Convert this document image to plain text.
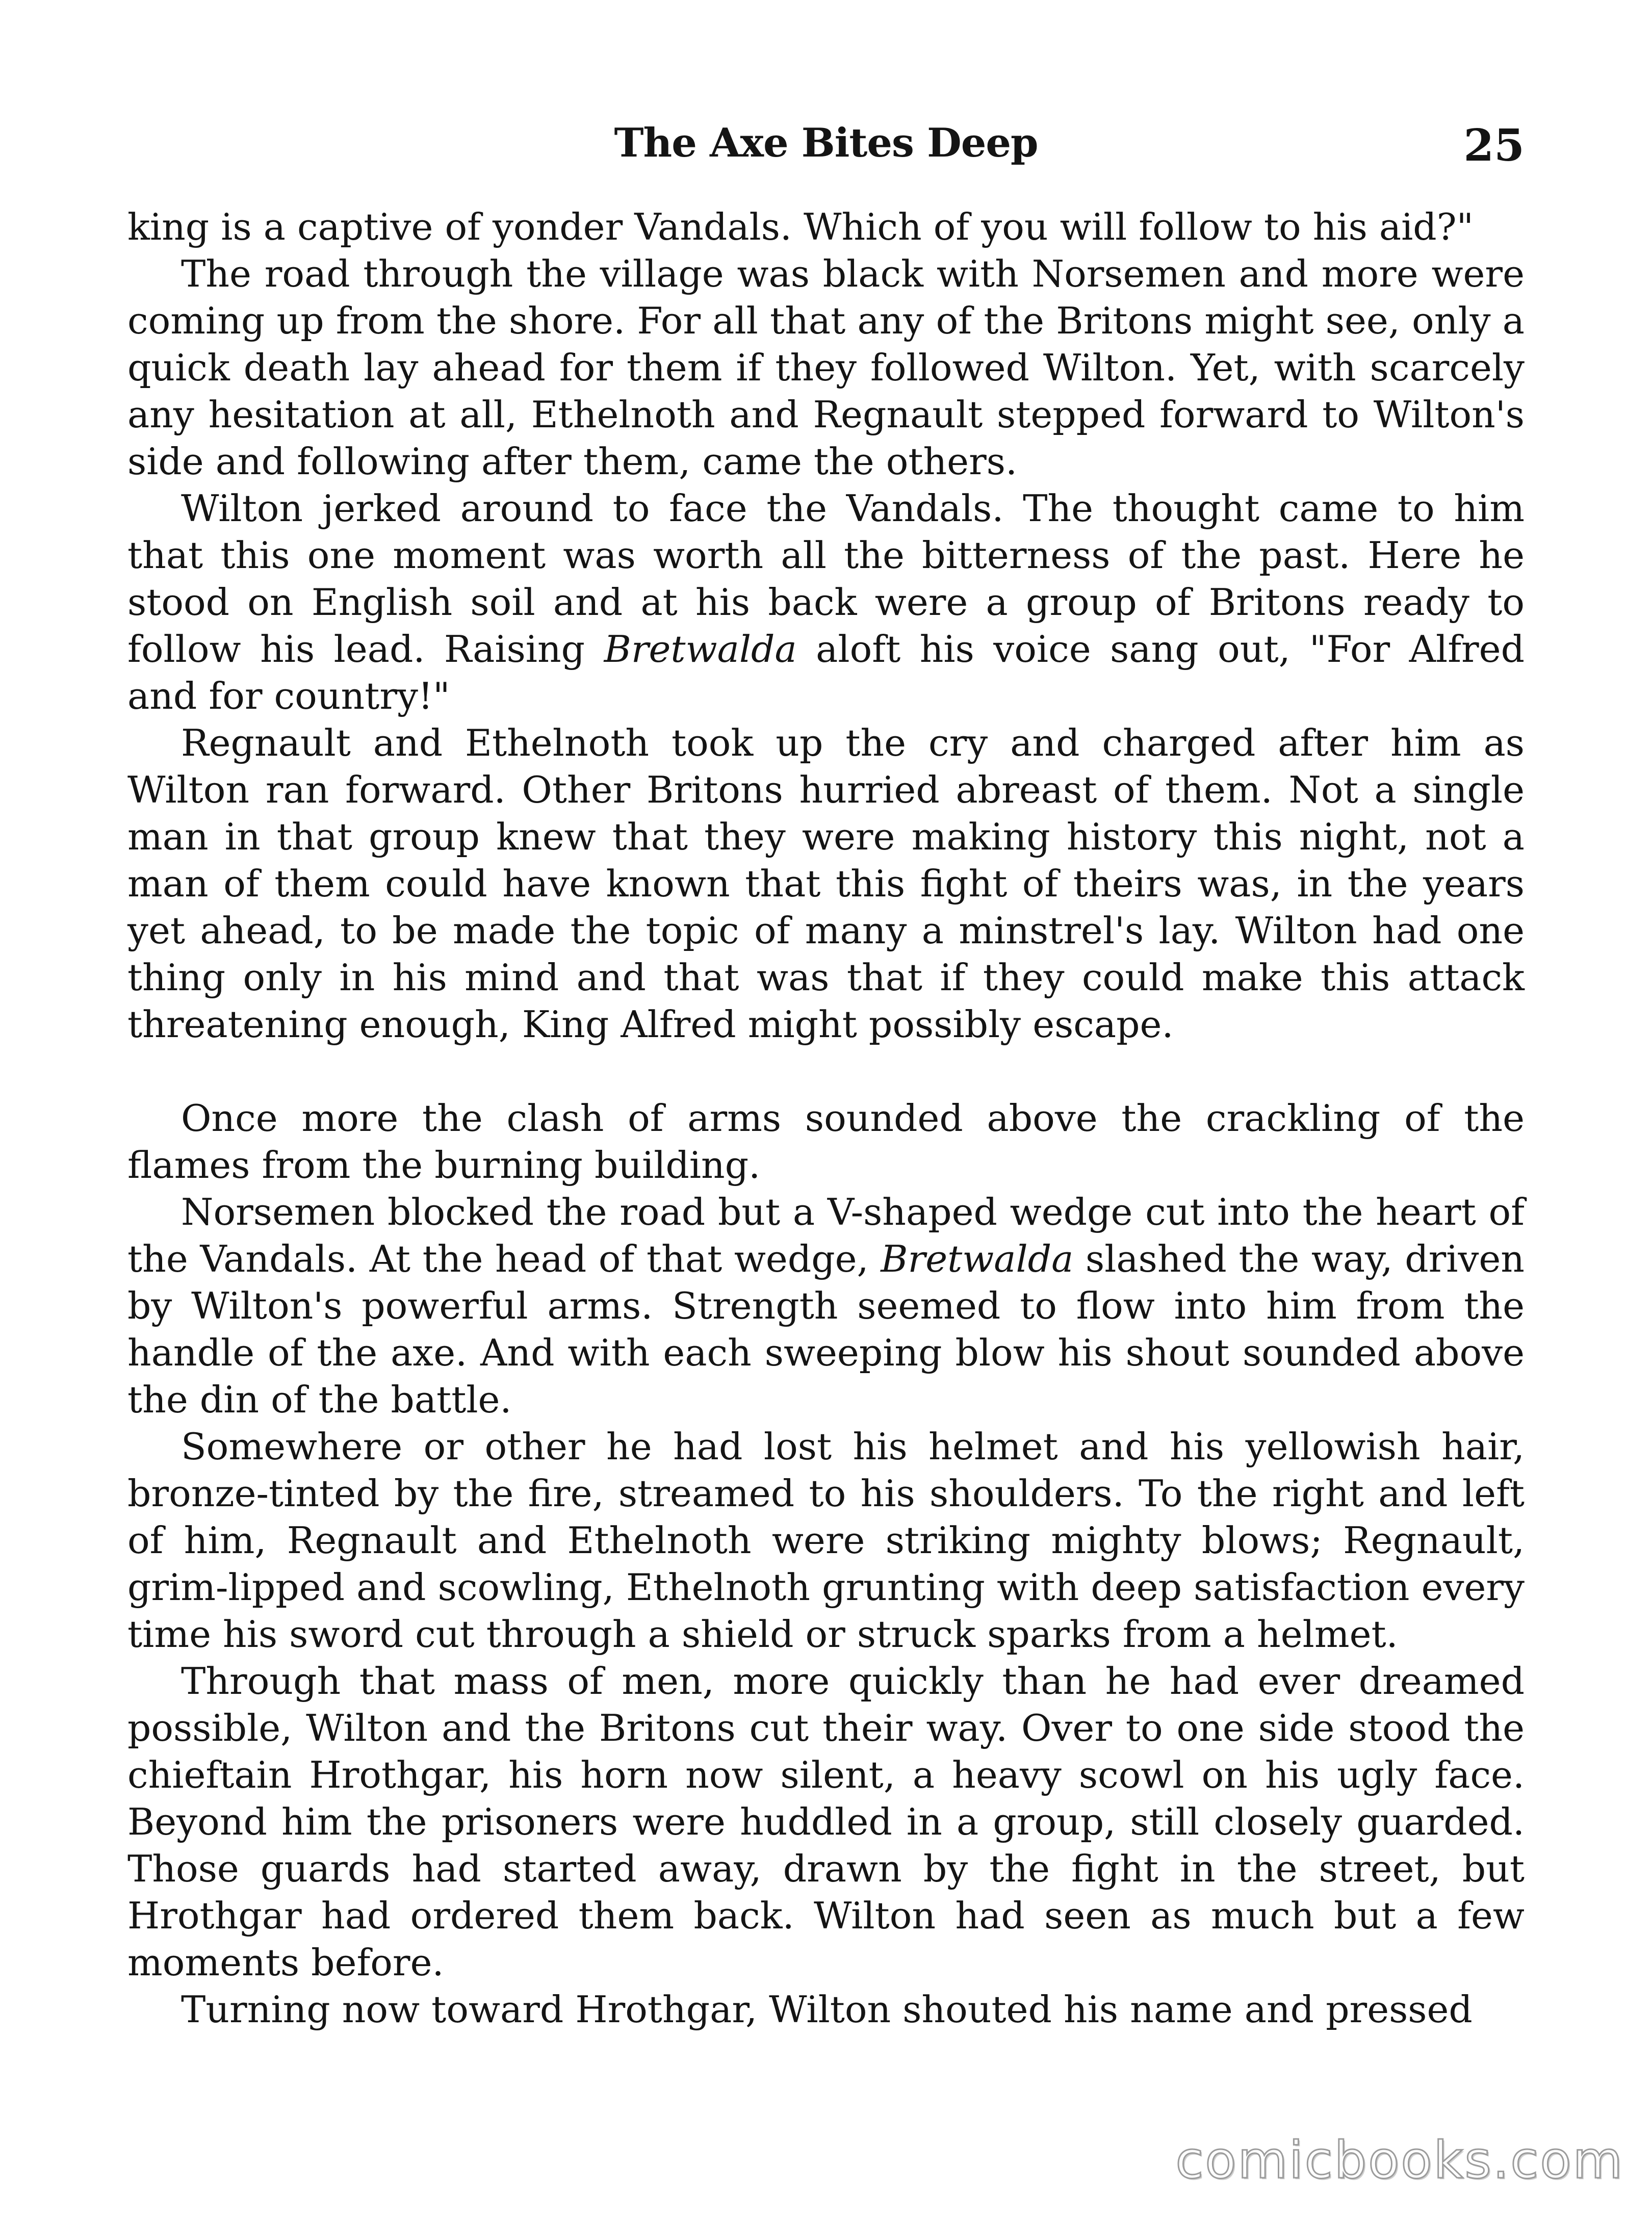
The Axe Bites Deep	25

king is a captive of yonder Vandals. Which of you will follow to his aid?"

The road through the village was black with Norsemen and more were coming up from the shore. For all that any of the Britons might see, only a quick death lay ahead for them if they followed Wilton. Yet, with scarcely any hesitation at all, Ethelnoth and Regnault stepped forward to Wilton's side and following after them, came the others.

Wilton jerked around to face the Vandals. The thought came to him that this one moment was worth all the bitterness of the past. Here he stood on English soil and at his back were a group of Britons ready to follow his lead. Raising Bretwalda aloft his voice sang out, "For Alfred and for country!"

Regnault and Ethelnoth took up the cry and charged after him as Wilton ran forward. Other Britons hurried abreast of them. Not a single man in that group knew that they were making history this night, not a man of them could have known that this fight of theirs was, in the years yet ahead, to be made the topic of many a minstrel's lay. Wilton had one thing only in his mind and that was that if they could make this attack threatening enough, King Alfred might possibly escape.

Once more the clash of arms sounded above the crackling of the flames from the burning building.

Norsemen blocked the road but a V-shaped wedge cut into the heart of the Vandals. At the head of that wedge, Bretwalda slashed the way, driven by Wilton's powerful arms. Strength seemed to flow into him from the handle of the axe. And with each sweeping blow his shout sounded above the din of the battle.

Somewhere or other he had lost his helmet and his yellowish hair, bronze-tinted by the fire, streamed to his shoulders. To the right and left of him, Regnault and Ethelnoth were striking mighty blows; Regnault, grim-lipped and scowling, Ethelnoth grunting with deep satisfaction every time his sword cut through a shield or struck sparks from a helmet.

Through that mass of men, more quickly than he had ever dreamed possible, Wilton and the Britons cut their way. Over to one side stood the chieftain Hrothgar, his horn now silent, a heavy scowl on his ugly face. Beyond him the prisoners were huddled in a group, still closely guarded. Those guards had started away, drawn by the fight in the street, but Hrothgar had ordered them back. Wilton had seen as much but a few moments before.

Turning now toward Hrothgar, Wilton shouted his name and pressed

comicbooks.com
